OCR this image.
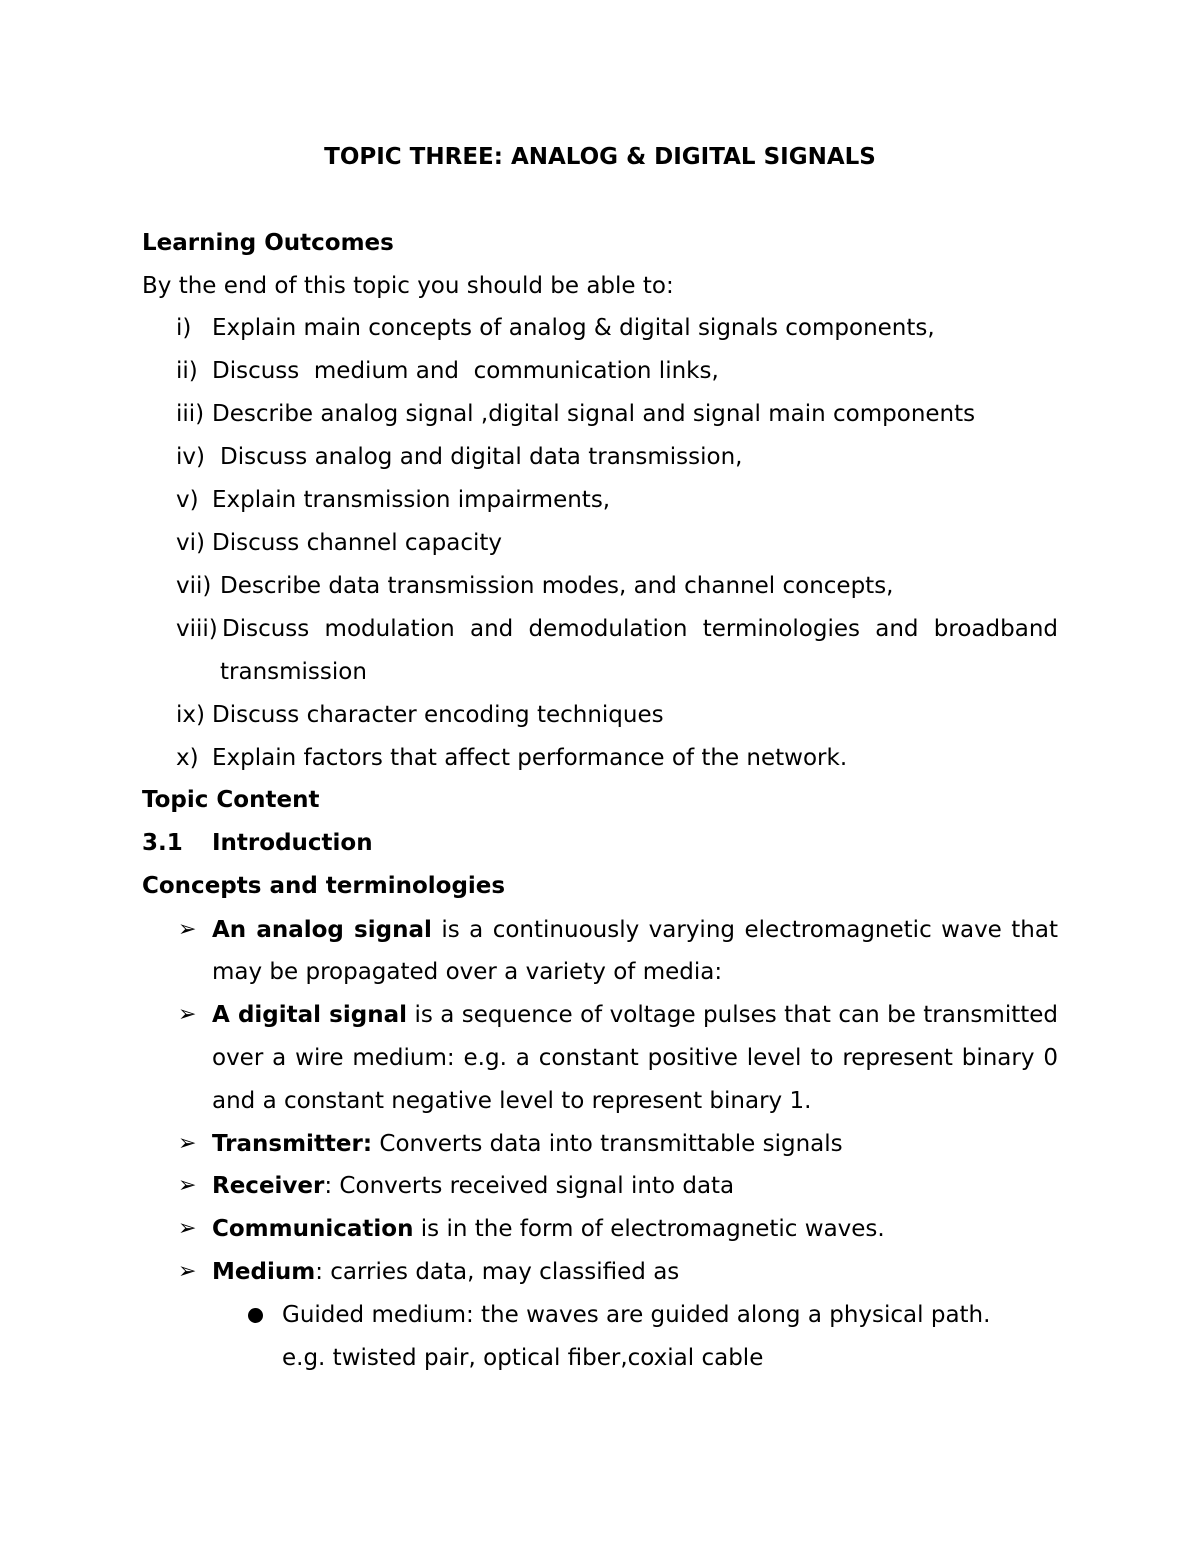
TOPIC THREE: ANALOG & DIGITAL SIGNALS
Learning Outcomes
By the end of this topic you should be able to:
i) Explain main concepts of analog & digital signals components,
ii) Discuss  medium and  communication links,
iii) Describe analog signal ,digital signal and signal main components
iv) Discuss analog and digital data transmission,
v) Explain transmission impairments,
vi) Discuss channel capacity
vii) Describe data transmission modes, and channel concepts,
viii) Discuss modulation and demodulation terminologies and broadband
transmission
ix) Discuss character encoding techniques
x) Explain factors that affect performance of the network.
Topic Content
3.1 Introduction
Concepts and terminologies
➢ An analog signal is a continuously varying electromagnetic wave that
may be propagated over a variety of media:
➢ A digital signal is a sequence of voltage pulses that can be transmitted
over a wire medium: e.g. a constant positive level to represent binary 0
and a constant negative level to represent binary 1.
➢ Transmitter: Converts data into transmittable signals
➢ Receiver: Converts received signal into data
➢ Communication is in the form of electromagnetic waves.
➢ Medium: carries data, may classified as
Guided medium: the waves are guided along a physical path.
e.g. twisted pair, optical fiber,coxial cable
